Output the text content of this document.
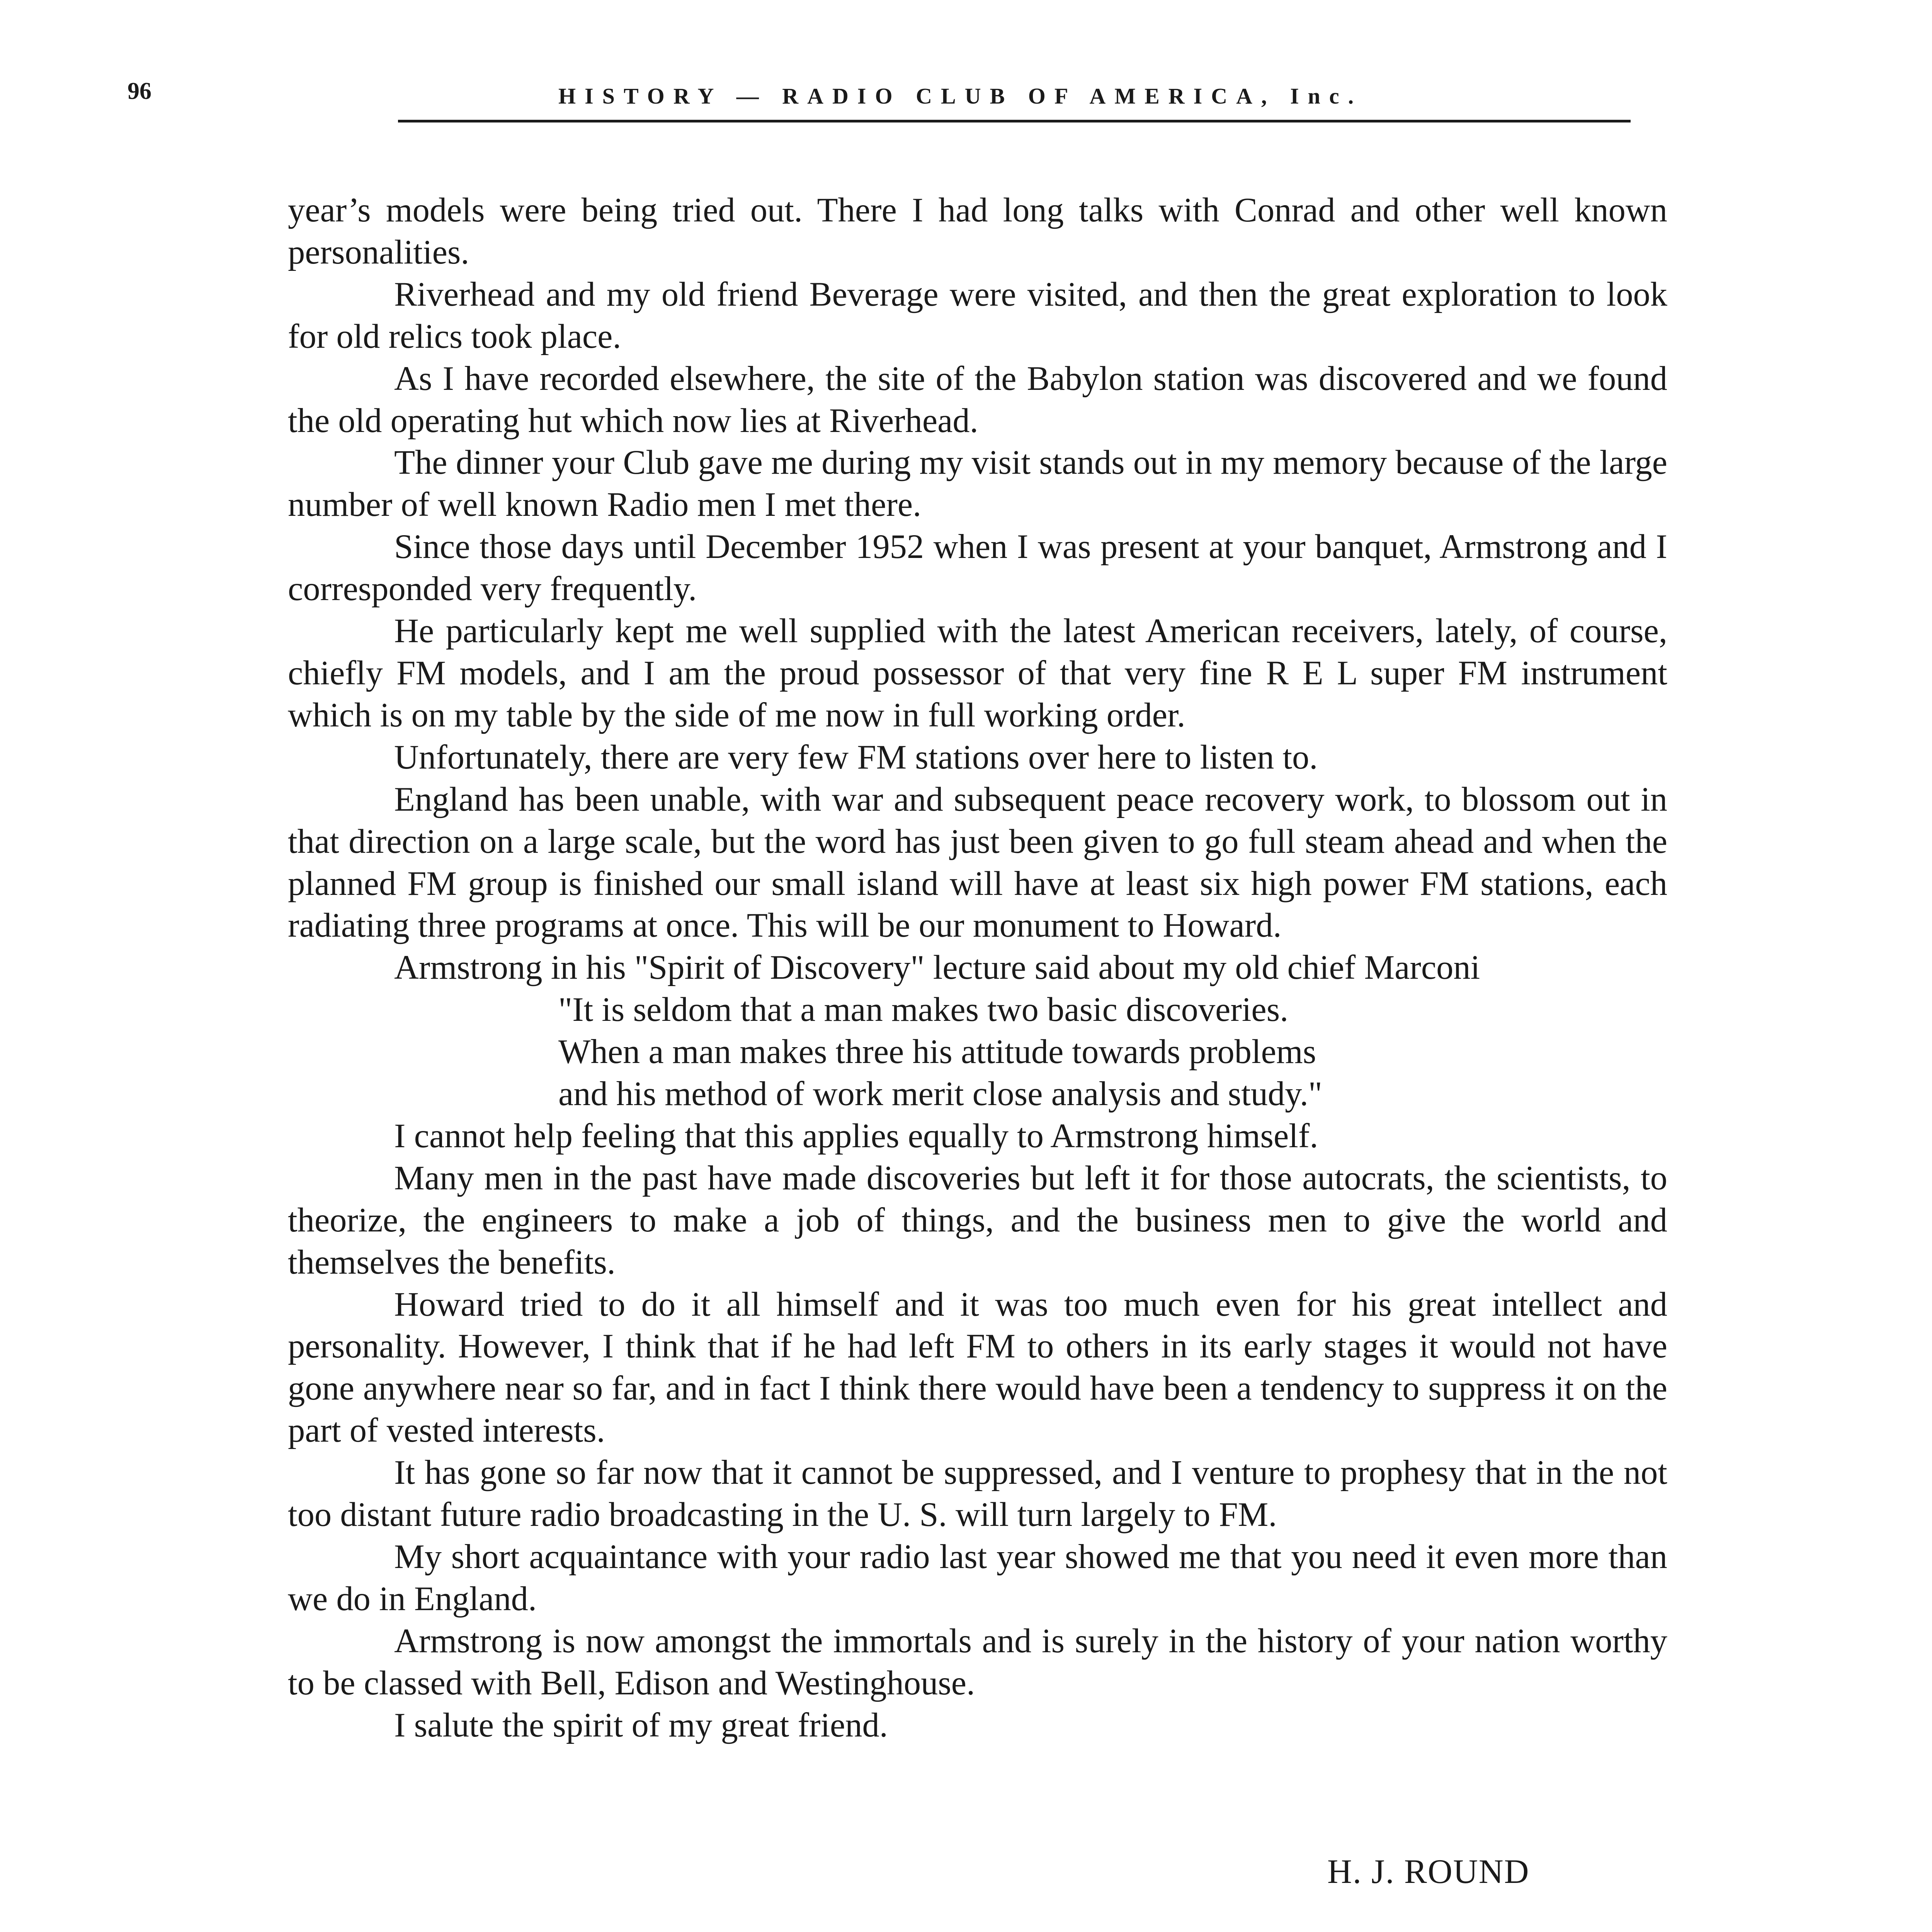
96	HISTORY — RADIO CLUB OF AMERICA, Inc.

year’s models were being tried out. There I had long talks with Conrad and other well known personalities.

Riverhead and my old friend Beverage were visited, and then the great exploration to look for old relics took place.

As I have recorded elsewhere, the site of the Babylon station was discovered and we found the old operating hut which now lies at Riverhead.

The dinner your Club gave me during my visit stands out in my memory because of the large number of well known Radio men I met there.

Since those days until December 1952 when I was present at your banquet, Armstrong and I corresponded very frequently.

He particularly kept me well supplied with the latest American receivers, lately, of course, chiefly FM models, and I am the proud possessor of that very fine R E L super FM instrument which is on my table by the side of me now in full working order.

Unfortunately, there are very few FM stations over here to listen to.

England has been unable, with war and subsequent peace recovery work, to blossom out in that direction on a large scale, but the word has just been given to go full steam ahead and when the planned FM group is finished our small island will have at least six high power FM stations, each radiating three programs at once. This will be our monument to Howard.

Armstrong in his "Spirit of Discovery" lecture said about my old chief Marconi

"It is seldom that a man makes two basic discoveries.
When a man makes three his attitude towards problems
and his method of work merit close analysis and study."

I cannot help feeling that this applies equally to Armstrong himself.

Many men in the past have made discoveries but left it for those autocrats, the scientists, to theorize, the engineers to make a job of things, and the business men to give the world and themselves the benefits.

Howard tried to do it all himself and it was too much even for his great intellect and personality. However, I think that if he had left FM to others in its early stages it would not have gone anywhere near so far, and in fact I think there would have been a tendency to suppress it on the part of vested interests.

It has gone so far now that it cannot be suppressed, and I venture to prophesy that in the not too distant future radio broadcasting in the U. S. will turn largely to FM.

My short acquaintance with your radio last year showed me that you need it even more than we do in England.

Armstrong is now amongst the immortals and is surely in the history of your nation worthy to be classed with Bell, Edison and Westinghouse.

I salute the spirit of my great friend.

H. J. ROUND
